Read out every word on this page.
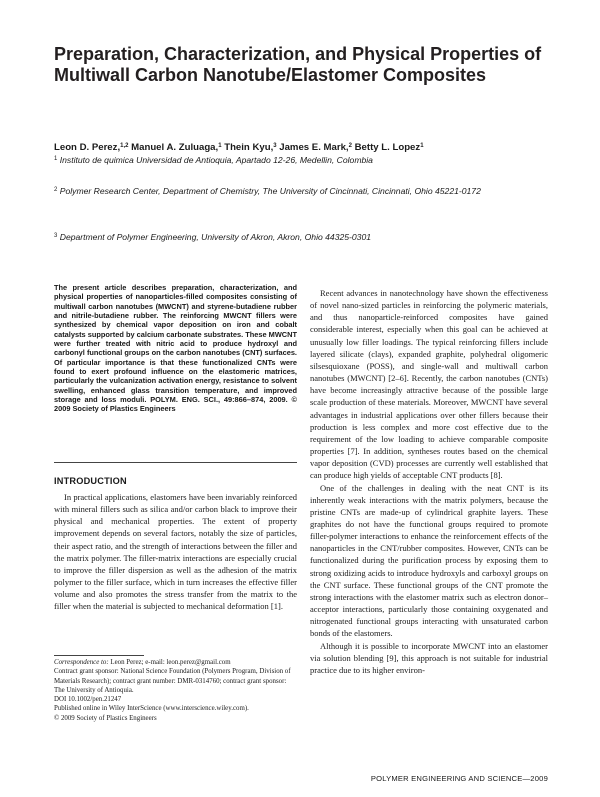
Preparation, Characterization, and Physical Properties of Multiwall Carbon Nanotube/Elastomer Composites

Leon D. Perez,$^{1,2}$ Manuel A. Zuluaga,$^1$ Thein Kyu,$^3$ James E. Mark,$^2$ Betty L. Lopez$^1$

$^1$ Instituto de quimica Universidad de Antioquia, Apartado 12-26, Medellin, Colombia

$^2$ Polymer Research Center, Department of Chemistry, The University of Cincinnati, Cincinnati, Ohio 45221-0172

$^3$ Department of Polymer Engineering, University of Akron, Akron, Ohio 44325-0301

The present article describes preparation, characterization, and physical properties of nanoparticles-filled composites consisting of multiwall carbon nanotubes (MWCNT) and styrene-butadiene rubber and nitrile-butadiene rubber. The reinforcing MWCNT fillers were synthesized by chemical vapor deposition on iron and cobalt catalysts supported by calcium carbonate substrates. These MWCNT were further treated with nitric acid to produce hydroxyl and carbonyl functional groups on the carbon nanotubes (CNT) surfaces. Of particular importance is that these functionalized CNTs were found to exert profound influence on the elastomeric matrices, particularly the vulcanization activation energy, resistance to solvent swelling, enhanced glass transition temperature, and improved storage and loss moduli. POLYM. ENG. SCI., 49:866–874, 2009. © 2009 Society of Plastics Engineers

INTRODUCTION

In practical applications, elastomers have been invariably reinforced with mineral fillers such as silica and/or carbon black to improve their physical and mechanical properties. The extent of property improvement depends on several factors, notably the size of particles, their aspect ratio, and the strength of interactions between the filler and the matrix polymer. The filler-matrix interactions are especially crucial to improve the filler dispersion as well as the adhesion of the matrix polymer to the filler surface, which in turn increases the effective filler volume and also promotes the stress transfer from the matrix to the filler when the material is subjected to mechanical deformation [1].

Correspondence to: Leon Perez; e-mail: leon.perez@gmail.com
Contract grant sponsor: National Science Foundation (Polymers Program, Division of Materials Research); contract grant number: DMR-0314760; contract grant sponsor: The University of Antioquia.
DOI 10.1002/pen.21247
Published online in Wiley InterScience (www.interscience.wiley.com).
© 2009 Society of Plastics Engineers

Recent advances in nanotechnology have shown the effectiveness of novel nano-sized particles in reinforcing the polymeric materials, and thus nanoparticle-reinforced composites have gained considerable interest, especially when this goal can be achieved at unusually low filler loadings. The typical reinforcing fillers include layered silicate (clays), expanded graphite, polyhedral oligomeric silsesquioxane (POSS), and single-wall and multiwall carbon nanotubes (MWCNT) [2–6]. Recently, the carbon nanotubes (CNTs) have become increasingly attractive because of the possible large scale production of these materials. Moreover, MWCNT have several advantages in industrial applications over other fillers because their production is less complex and more cost effective due to the requirement of the low loading to achieve comparable composite properties [7]. In addition, syntheses routes based on the chemical vapor deposition (CVD) processes are currently well established that can produce high yields of acceptable CNT products [8].

One of the challenges in dealing with the neat CNT is its inherently weak interactions with the matrix polymers, because the pristine CNTs are made-up of cylindrical graphite layers. These graphites do not have the functional groups required to promote filler-polymer interactions to enhance the reinforcement effects of the nanoparticles in the CNT/rubber composites. However, CNTs can be functionalized during the purification process by exposing them to strong oxidizing acids to introduce hydroxyls and carboxyl groups on the CNT surface. These functional groups of the CNT promote the strong interactions with the elastomer matrix such as electron donor–acceptor interactions, particularly those containing oxygenated and nitrogenated functional groups interacting with unsaturated carbon bonds of the elastomers.

Although it is possible to incorporate MWCNT into an elastomer via solution blending [9], this approach is not suitable for industrial practice due to its higher environ-

POLYMER ENGINEERING AND SCIENCE—2009
